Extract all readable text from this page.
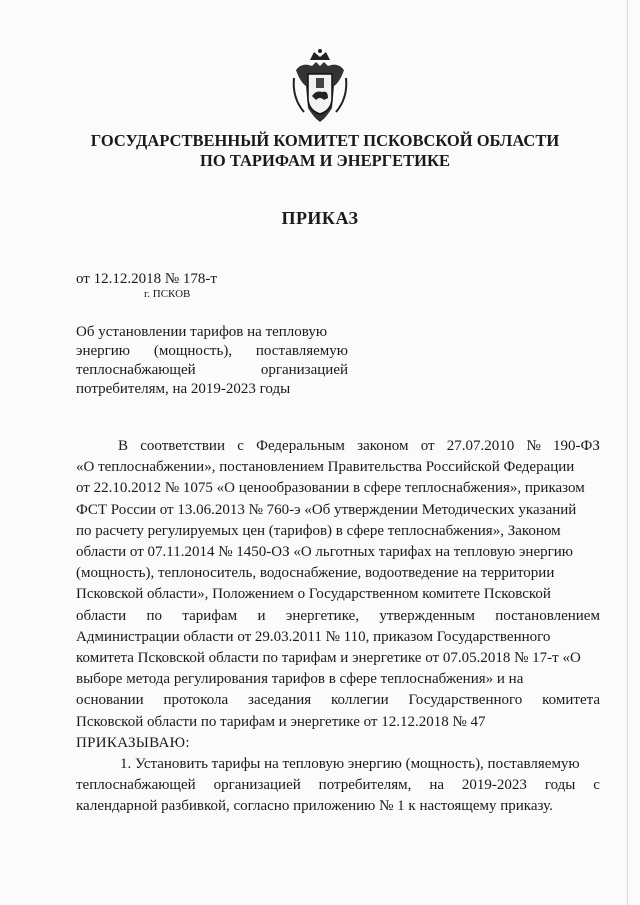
ГОСУДАРСТВЕННЫЙ КОМИТЕТ ПСКОВСКОЙ ОБЛАСТИ
ПО ТАРИФАМ И ЭНЕРГЕТИКЕ
ПРИКАЗ
от 12.12.2018 № 178-т
г. ПСКОВ
Об установлении тарифов на тепловую
энергию (мощность), поставляемую
теплоснабжающей	организацией
потребителям, на 2019-2023 годы
В соответствии с Федеральным законом от 27.07.2010 № 190-ФЗ
«О теплоснабжении», постановлением Правительства Российской Федерации
от 22.10.2012 № 1075 «О ценообразовании в сфере теплоснабжения», приказом
ФСТ России от 13.06.2013 № 760-э «Об утверждении Методических указаний
по расчету регулируемых цен (тарифов) в сфере теплоснабжения», Законом
области от 07.11.2014 № 1450-ОЗ «О льготных тарифах на тепловую энергию
(мощность), теплоноситель, водоснабжение, водоотведение на территории
Псковской области», Положением о Государственном комитете Псковской
области по тарифам и энергетике, утвержденным постановлением
Администрации области от 29.03.2011 № 110, приказом Государственного
комитета Псковской области по тарифам и энергетике от 07.05.2018 № 17-т «О
выборе метода регулирования тарифов в сфере теплоснабжения» и на
основании протокола заседания коллегии Государственного комитета
Псковской области по тарифам и энергетике от 12.12.2018 № 47
ПРИКАЗЫВАЮ:
1. Установить тарифы на тепловую энергию (мощность), поставляемую
теплоснабжающей организацией потребителям, на 2019-2023 годы с
календарной разбивкой, согласно приложению № 1 к настоящему приказу.
